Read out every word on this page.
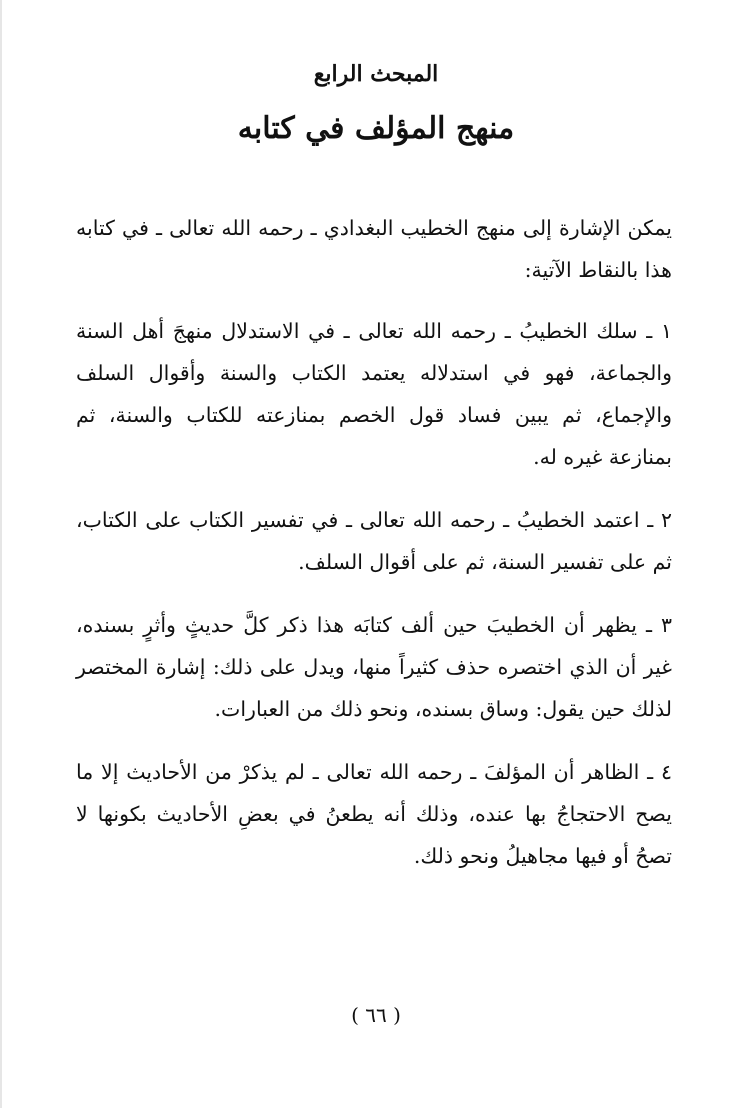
المبحث الرابع
منهج المؤلف في كتابه

يمكن الإشارة إلى منهج الخطيب البغدادي ـ رحمه الله تعالى ـ في كتابه هذا بالنقاط الآتية:

١ ـ سلك الخطيبُ ـ رحمه الله تعالى ـ في الاستدلال منهجَ أهل السنة والجماعة، فهو في استدلاله يعتمد الكتاب والسنة وأقوال السلف والإجماع، ثم يبين فساد قول الخصم بمنازعته للكتاب والسنة، ثم بمنازعة غيره له.

٢ ـ اعتمد الخطيبُ ـ رحمه الله تعالى ـ في تفسير الكتاب على الكتاب، ثم على تفسير السنة، ثم على أقوال السلف.

٣ ـ يظهر أن الخطيبَ حين ألف كتابَه هذا ذكر كلَّ حديثٍ وأثرٍ بسنده، غير أن الذي اختصره حذف كثيراً منها، ويدل على ذلك: إشارة المختصر لذلك حين يقول: وساق بسنده، ونحو ذلك من العبارات.

٤ ـ الظاهر أن المؤلفَ ـ رحمه الله تعالى ـ لم يذكرْ من الأحاديث إلا ما يصح الاحتجاجُ بها عنده، وذلك أنه يطعنُ في بعضِ الأحاديث بكونها لا تصحُ أو فيها مجاهيلُ ونحو ذلك.

( ٦٦ )
